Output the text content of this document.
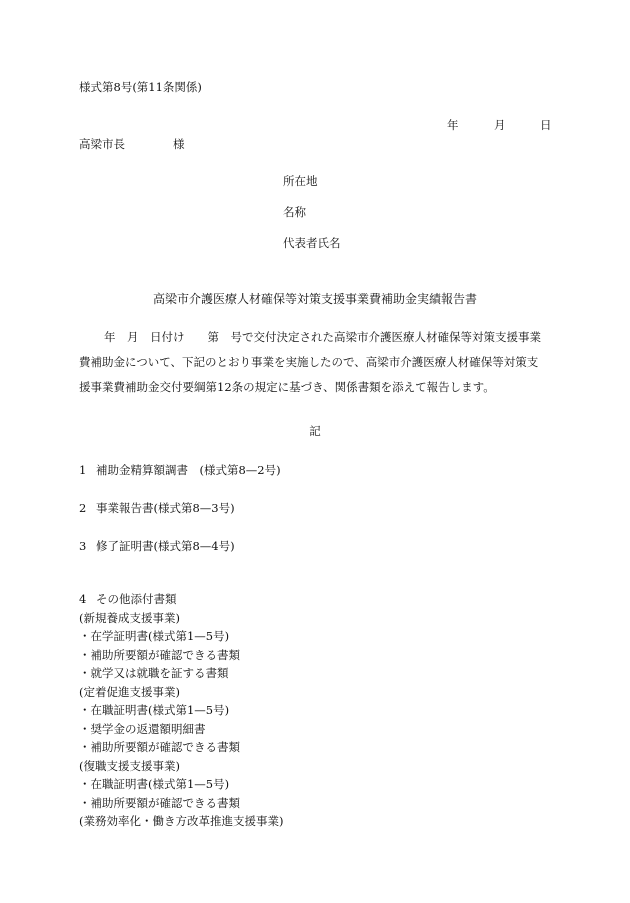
様式第8号(第11条関係)
年	月	日
高梁市長	様
所在地
名称
代表者氏名
高梁市介護医療人材確保等対策支援事業費補助金実績報告書
年　月　日付け　　第　号で交付決定された高梁市介護医療人材確保等対策支援事業
費補助金について、下記のとおり事業を実施したので、高梁市介護医療人材確保等対策支
援事業費補助金交付要綱第12条の規定に基づき、関係書類を添えて報告します。
記
1 補助金精算額調書　(様式第8—2号)
2 事業報告書(様式第8—3号)
3 修了証明書(様式第8—4号)
4 その他添付書類
(新規養成支援事業)
・在学証明書(様式第1—5号)
・補助所要額が確認できる書類
・就学又は就職を証する書類
(定着促進支援事業)
・在職証明書(様式第1—5号)
・奨学金の返還額明細書
・補助所要額が確認できる書類
(復職支援支援事業)
・在職証明書(様式第1—5号)
・補助所要額が確認できる書類
(業務効率化・働き方改革推進支援事業)
